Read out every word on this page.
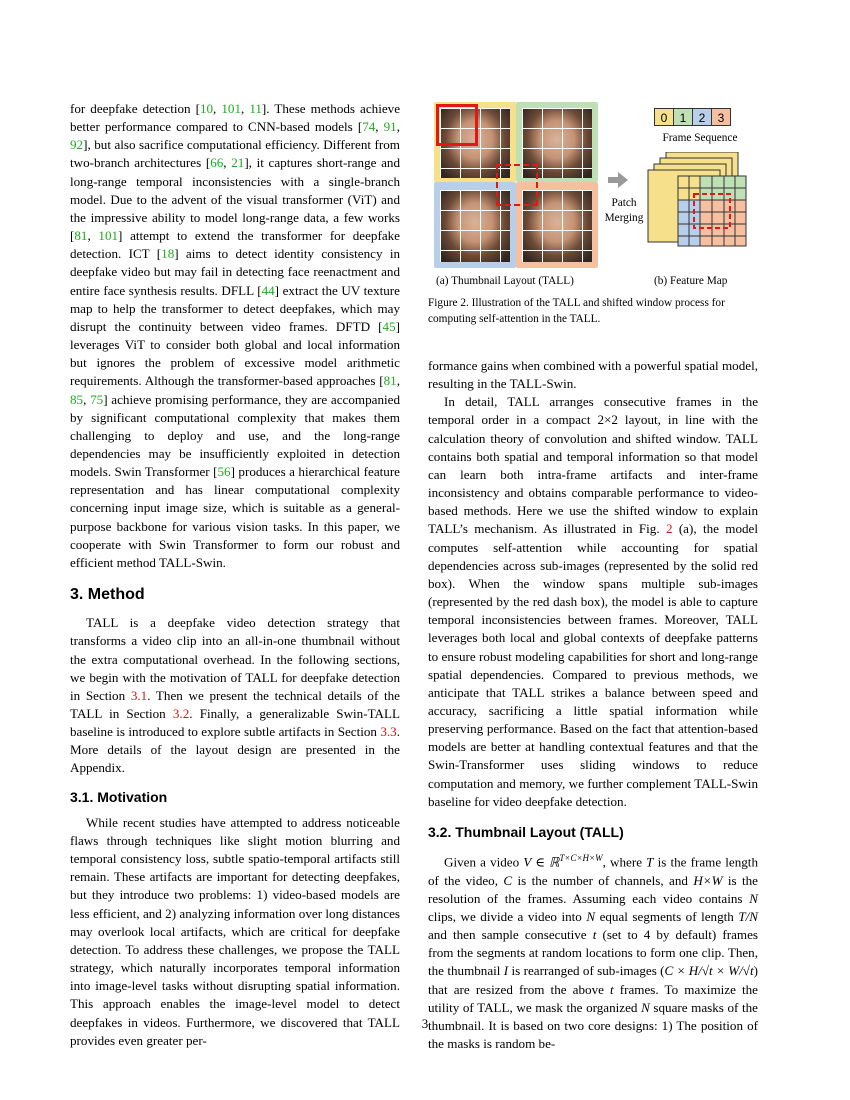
for deepfake detection [10, 101, 11]. These methods achieve better performance compared to CNN-based models [74, 91, 92], but also sacrifice computational efficiency. Different from two-branch architectures [66, 21], it captures short-range and long-range temporal inconsistencies with a single-branch model. Due to the advent of the visual transformer (ViT) and the impressive ability to model long-range data, a few works [81, 101] attempt to extend the transformer for deepfake detection. ICT [18] aims to detect identity consistency in deepfake video but may fail in detecting face reenactment and entire face synthesis results. DFLL [44] extract the UV texture map to help the transformer to detect deepfakes, which may disrupt the continuity between video frames. DFTD [45] leverages ViT to consider both global and local information but ignores the problem of excessive model arithmetic requirements. Although the transformer-based approaches [81, 85, 75] achieve promising performance, they are accompanied by significant computational complexity that makes them challenging to deploy and use, and the long-range dependencies may be insufficiently exploited in detection models. Swin Transformer [56] produces a hierarchical feature representation and has linear computational complexity concerning input image size, which is suitable as a general-purpose backbone for various vision tasks. In this paper, we cooperate with Swin Transformer to form our robust and efficient method TALL-Swin.

3. Method

TALL is a deepfake video detection strategy that transforms a video clip into an all-in-one thumbnail without the extra computational overhead. In the following sections, we begin with the motivation of TALL for deepfake detection in Section 3.1. Then we present the technical details of the TALL in Section 3.2. Finally, a generalizable Swin-TALL baseline is introduced to explore subtle artifacts in Section 3.3. More details of the layout design are presented in the Appendix.

3.1. Motivation

While recent studies have attempted to address noticeable flaws through techniques like slight motion blurring and temporal consistency loss, subtle spatio-temporal artifacts still remain. These artifacts are important for detecting deepfakes, but they introduce two problems: 1) video-based models are less efficient, and 2) analyzing information over long distances may overlook local artifacts, which are critical for deepfake detection. To address these challenges, we propose the TALL strategy, which naturally incorporates temporal information into image-level tasks without disrupting spatial information. This approach enables the image-level model to detect deepfakes in videos. Furthermore, we discovered that TALL provides even greater per-

Patch
Merging
0	1	2	3
Frame Sequence
(a) Thumbnail Layout (TALL)	(b) Feature Map
Figure 2. Illustration of the TALL and shifted window process for computing self-attention in the TALL.

formance gains when combined with a powerful spatial model, resulting in the TALL-Swin.

In detail, TALL arranges consecutive frames in the temporal order in a compact 2×2 layout, in line with the calculation theory of convolution and shifted window. TALL contains both spatial and temporal information so that model can learn both intra-frame artifacts and inter-frame inconsistency and obtains comparable performance to video-based methods. Here we use the shifted window to explain TALL’s mechanism. As illustrated in Fig. 2 (a), the model computes self-attention while accounting for spatial dependencies across sub-images (represented by the solid red box). When the window spans multiple sub-images (represented by the red dash box), the model is able to capture temporal inconsistencies between frames. Moreover, TALL leverages both local and global contexts of deepfake patterns to ensure robust modeling capabilities for short and long-range spatial dependencies. Compared to previous methods, we anticipate that TALL strikes a balance between speed and accuracy, sacrificing a little spatial information while preserving performance. Based on the fact that attention-based models are better at handling contextual features and that the Swin-Transformer uses sliding windows to reduce computation and memory, we further complement TALL-Swin baseline for video deepfake detection.

3.2. Thumbnail Layout (TALL)

Given a video V ∈ ℝ$^{T\times C\times H\times W}$, where T is the frame length of the video, C is the number of channels, and H×W is the resolution of the frames. Assuming each video contains N clips, we divide a video into N equal segments of length T/N and then sample consecutive t (set to 4 by default) frames from the segments at random locations to form one clip. Then, the thumbnail I is rearranged of sub-images (C × H/√t × W/√t) that are resized from the above t frames. To maximize the utility of TALL, we mask the organized N square masks of the thumbnail. It is based on two core designs: 1) The position of the masks is random be-

3
